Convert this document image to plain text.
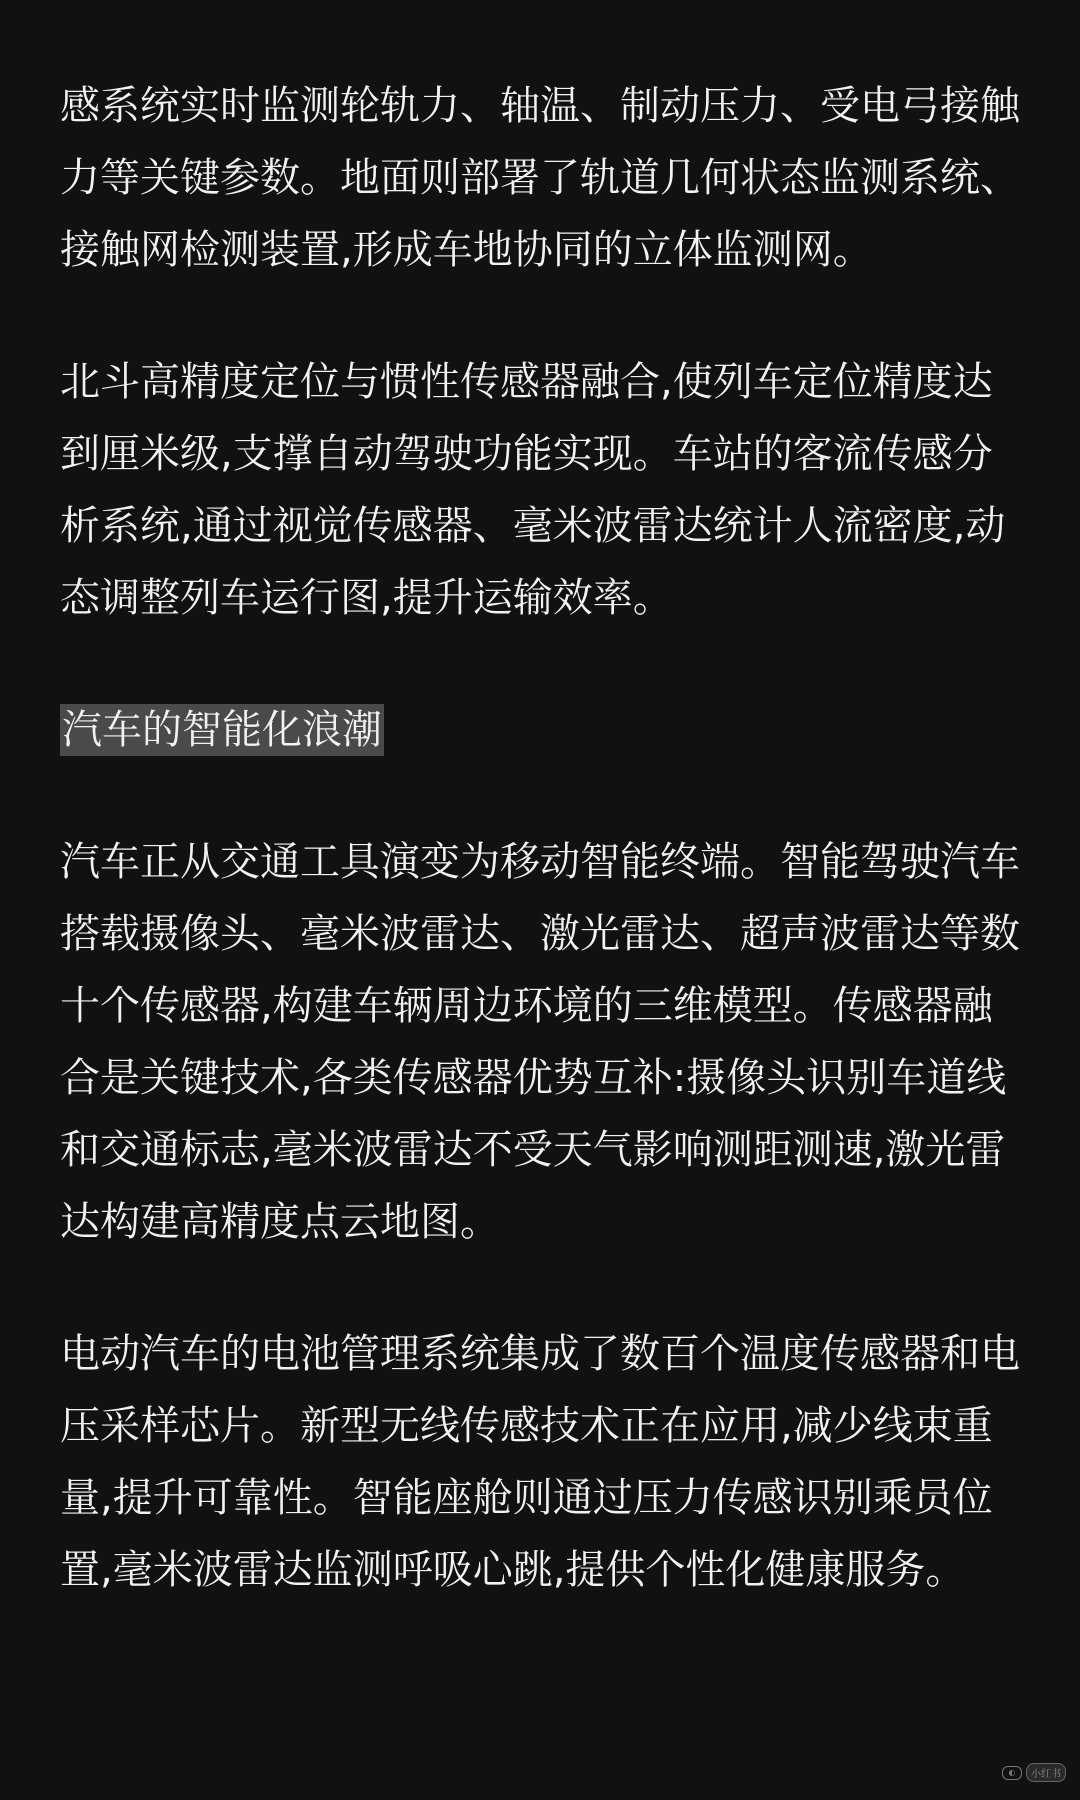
感系统实时监测轮轨力、轴温、制动压力、受电弓接触力等关键参数。地面则部署了轨道几何状态监测系统、接触网检测装置,形成车地协同的立体监测网。

北斗高精度定位与惯性传感器融合,使列车定位精度达到厘米级,支撑自动驾驶功能实现。车站的客流传感分析系统,通过视觉传感器、毫米波雷达统计人流密度,动态调整列车运行图,提升运输效率。

汽车的智能化浪潮

汽车正从交通工具演变为移动智能终端。智能驾驶汽车搭载摄像头、毫米波雷达、激光雷达、超声波雷达等数十个传感器,构建车辆周边环境的三维模型。传感器融合是关键技术,各类传感器优势互补:摄像头识别车道线和交通标志,毫米波雷达不受天气影响测距测速,激光雷达构建高精度点云地图。

电动汽车的电池管理系统集成了数百个温度传感器和电压采样芯片。新型无线传感技术正在应用,减少线束重量,提升可靠性。智能座舱则通过压力传感识别乘员位置,毫米波雷达监测呼吸心跳,提供个性化健康服务。

◐	小红书
